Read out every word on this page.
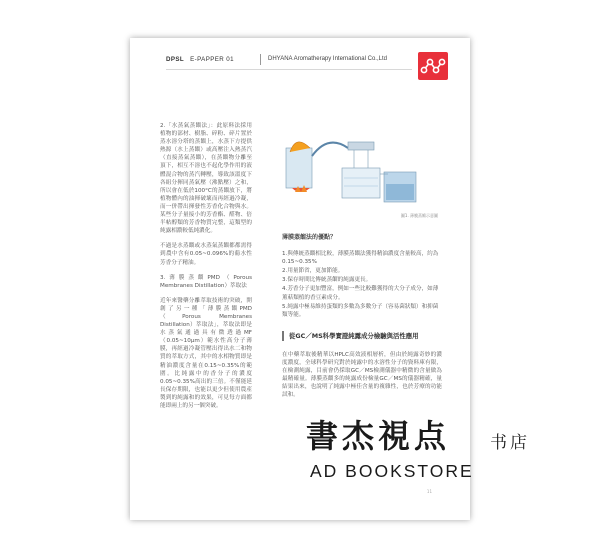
DPSL E-PAPPER 01	DHYANA Aromatherapy International Co.,Ltd

2.「水蒸氣蒸餾法」：此原料法採用植物的部材、樹脂、碎粉、碎片置於蒸水溶分塔的蒸餾上，水蒸下方提供熱源（水上蒸餾）或高壓注入熱蒸汽（直接蒸氣蒸餾），在蒸餾物分離至頂下，相互不溶也不起化學作用的液體混合物的蒸汽轉壓，導致該溫度下各組分揮同蒸氣壓（沸點壓）之和，所以會在低於100°C的蒸餾放下，將植物體內的油揮破壞而再經過冷凝，而一併帶出揮發性芳香化合物與水。某些分子量接小的芳香酯、醛物、倍半帖醇類的芳香物質完整，這類型的純露相濃較低純濃化。

不過是水蒸餾或水蒸氣蒸餾都都需得到農中含有0.05~0.096%的葡水性芳香分子精油。

3.薄膜蒸餾PMD（Porous Membranes Distillation）萃取法

近年來醫藥分離萃取技術的突破，開創了另一種「薄膜蒸餾PMD（Porous Membranes Distillation）萃取法」，萃取法即是水蒸氣通過具有微透過MF（0.05~10μm）範水性高分子薄膜，再經過冷凝管壓出得出水二和物質的萃取方式，其中的水相物質即是精油濃度含量在0.15~0.35%的範圍。比純露中的香分子的濃度0.05~0.35%高出的三倍。不僅能延長保存期限，也能以更少但使用農產製到的純露和的效果，可見每方面都能即兩上的另一個突破。

圖1. 薄膜蒸餾示意圖
薄膜蒸餾法的優點？

1.與傳統蒸餾相比較，薄膜蒸餾法獲得精油濃度含量較高，約為0.15~0.35%

2.用量節省，更加節能。

3.保存時間比傳統蒸餾的純露更長。

4.芳香分子更加豐富，例如一些比較難獲得的大分子成分，如薄薰萜類植的香豆素成分。

5.純露中極易維持蛋類的多數為多數分子（容易菌狀類）和抑菌類等能。

從GC／MS科學實證純露成分檢驗與活性應用
在中藥萃取後精華以HPLC高效液相層析，但由於純露奇妙的濃度濃度，全球科學研究對於純露中的水溶性分子的資料庫有限，在檢測純露，目前會仍採取GC／MS檢測儀器中精微的含量做為最精確量。薄膜蒸餾多的純露成份檢量GC／MS的儀器精確，量結果出來，也說明了純露中極佳含量的複雜性，也於芳療的功能試和。
11
書杰視点 书店
AD BOOKSTORE
